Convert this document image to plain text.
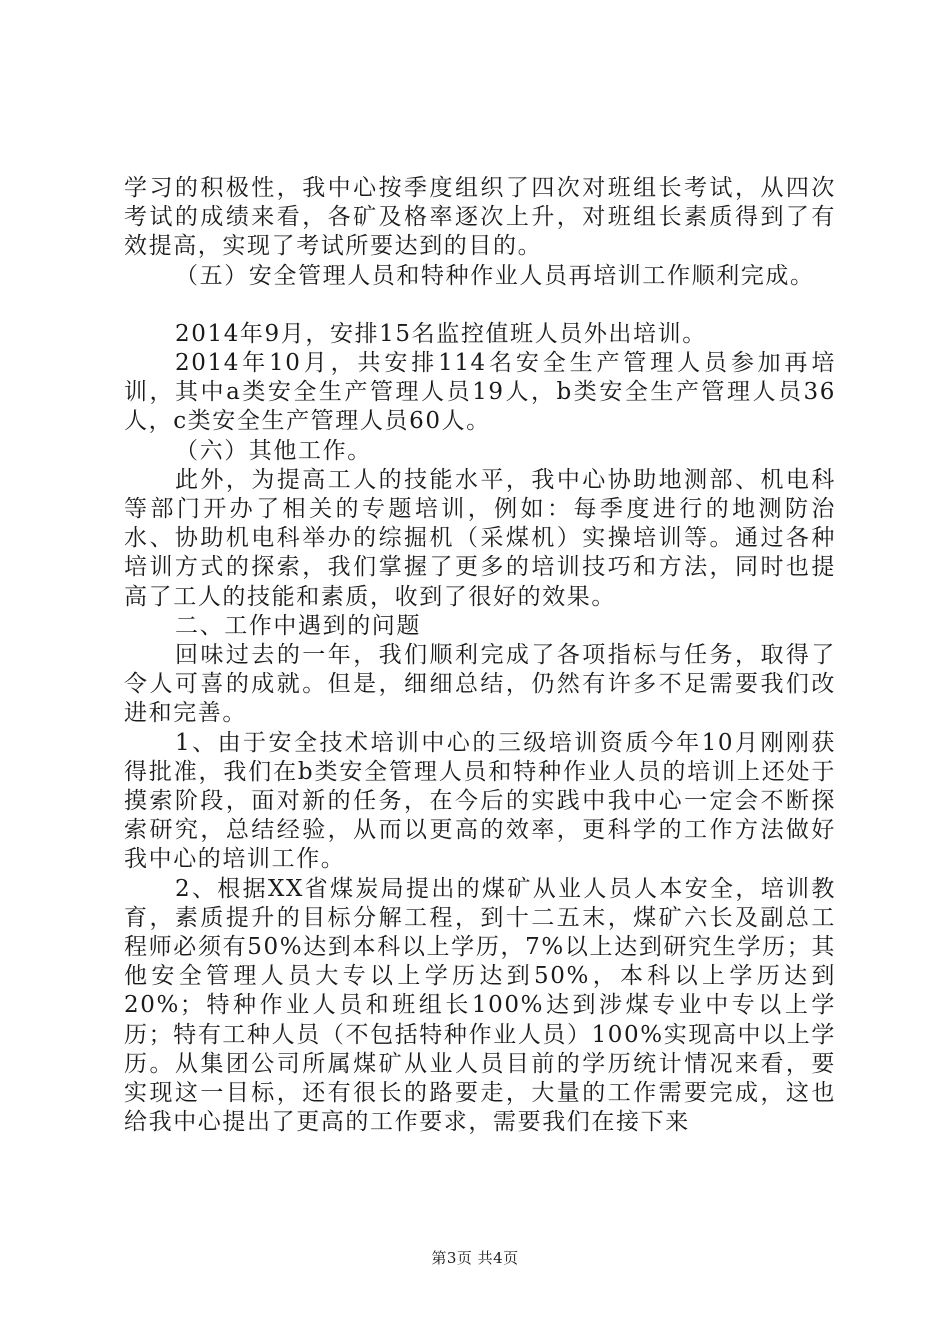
学习的积极性，我中心按季度组织了四次对班组长考试，从四次考试的成绩来看，各矿及格率逐次上升，对班组长素质得到了有效提高，实现了考试所要达到的目的。

（五）安全管理人员和特种作业人员再培训工作顺利完成。

2014年9月，安排15名监控值班人员外出培训。

2014年10月，共安排114名安全生产管理人员参加再培训，其中a类安全生产管理人员19人，b类安全生产管理人员36人，c类安全生产管理人员60人。

（六）其他工作。

此外，为提高工人的技能水平，我中心协助地测部、机电科等部门开办了相关的专题培训，例如：每季度进行的地测防治水、协助机电科举办的综掘机（采煤机）实操培训等。通过各种培训方式的探索，我们掌握了更多的培训技巧和方法，同时也提高了工人的技能和素质，收到了很好的效果。

二、工作中遇到的问题

回味过去的一年，我们顺利完成了各项指标与任务，取得了令人可喜的成就。但是，细细总结，仍然有许多不足需要我们改进和完善。

1、由于安全技术培训中心的三级培训资质今年10月刚刚获得批准，我们在b类安全管理人员和特种作业人员的培训上还处于摸索阶段，面对新的任务，在今后的实践中我中心一定会不断探索研究，总结经验，从而以更高的效率，更科学的工作方法做好我中心的培训工作。

2、根据XX省煤炭局提出的煤矿从业人员人本安全，培训教育，素质提升的目标分解工程，到十二五末，煤矿六长及副总工程师必须有50%达到本科以上学历，7%以上达到研究生学历；其他安全管理人员大专以上学历达到50%，本科以上学历达到20%；特种作业人员和班组长100%达到涉煤专业中专以上学历；特有工种人员（不包括特种作业人员）100%实现高中以上学历。从集团公司所属煤矿从业人员目前的学历统计情况来看，要实现这一目标，还有很长的路要走，大量的工作需要完成，这也给我中心提出了更高的工作要求，需要我们在接下来

第3页 共4页
